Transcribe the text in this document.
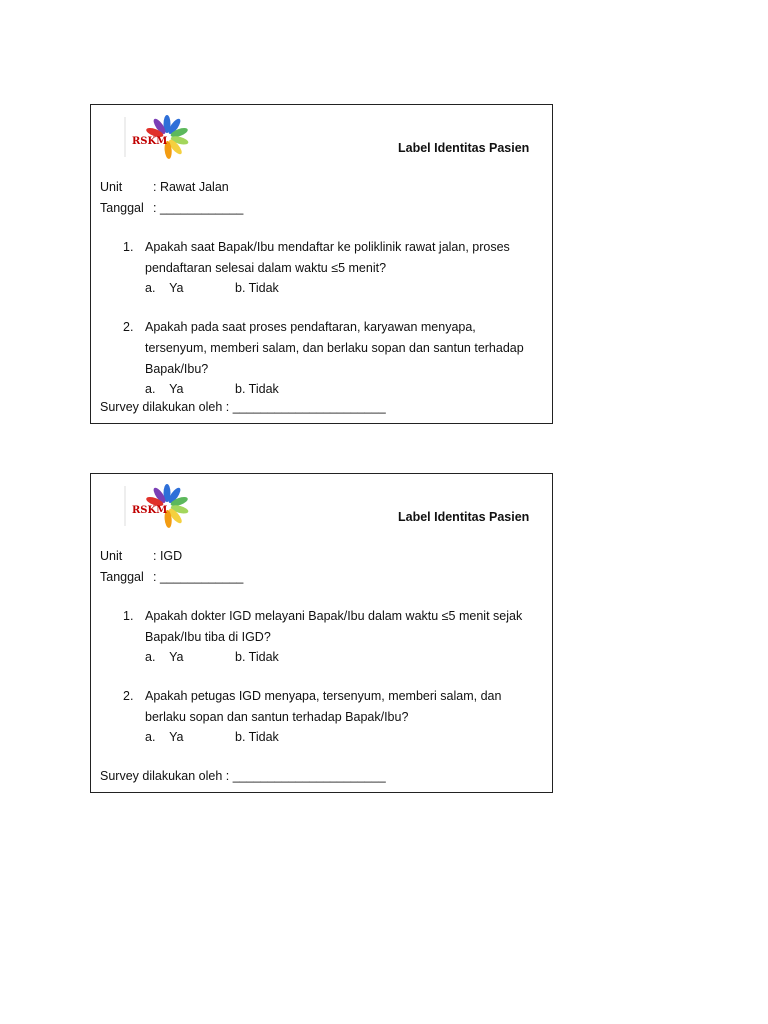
RSKM	Label Identitas Pasien
Unit : Rawat Jalan
Tanggal : ____________
1. Apakah saat Bapak/Ibu mendaftar ke poliklinik rawat jalan, proses pendaftaran selesai dalam waktu ≤5 menit?
a.    Ya	b. Tidak
2. Apakah pada saat proses pendaftaran, karyawan menyapa, tersenyum, memberi salam, dan berlaku sopan dan santun terhadap Bapak/Ibu?
a.    Ya	b. Tidak
Survey dilakukan oleh : ______________________
RSKM	Label Identitas Pasien
Unit : IGD
Tanggal : ____________
1. Apakah dokter IGD melayani Bapak/Ibu dalam waktu ≤5 menit sejak Bapak/Ibu tiba di IGD?
a.    Ya	b. Tidak
2. Apakah petugas IGD menyapa, tersenyum, memberi salam, dan berlaku sopan dan santun terhadap Bapak/Ibu?
a.    Ya	b. Tidak
Survey dilakukan oleh : ______________________
